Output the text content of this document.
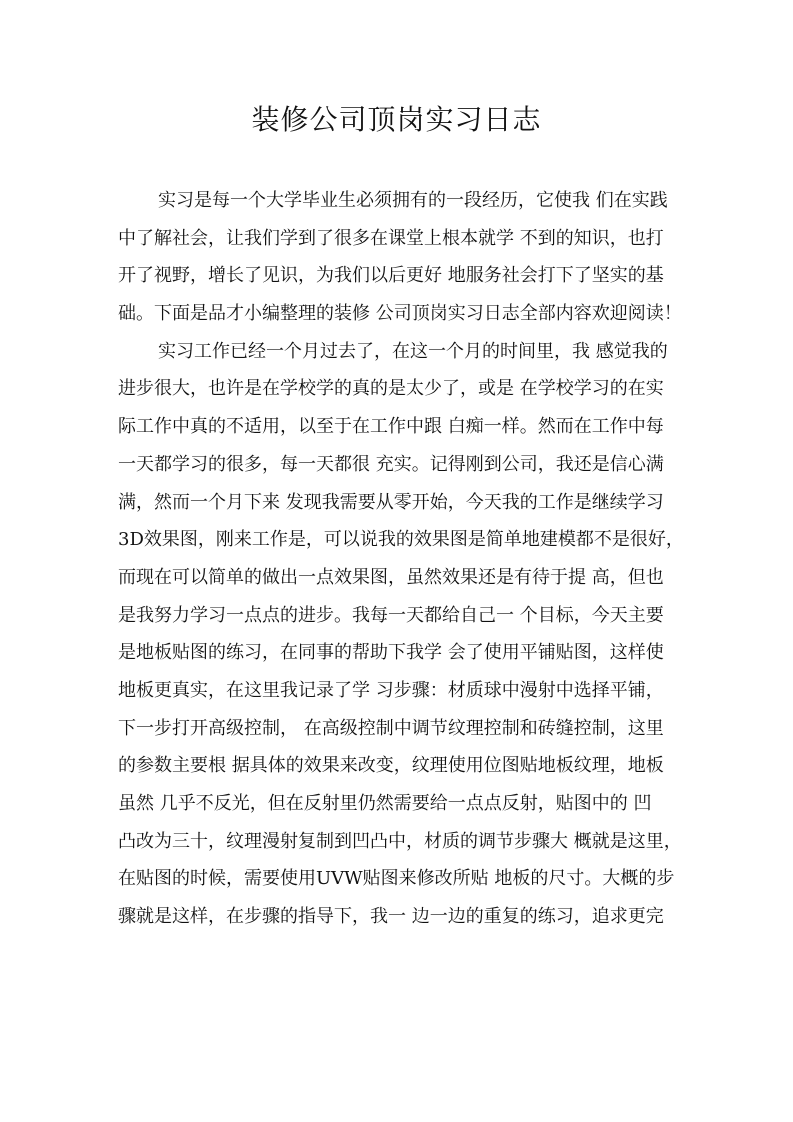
装修公司顶岗实习日志
实习是每一个大学毕业生必须拥有的一段经历，它使我 们在实践
中了解社会，让我们学到了很多在课堂上根本就学 不到的知识，也打
开了视野，增长了见识，为我们以后更好 地服务社会打下了坚实的基
础。下面是品才小编整理的装修 公司顶岗实习日志全部内容欢迎阅读！
实习工作已经一个月过去了，在这一个月的时间里，我 感觉我的
进步很大，也许是在学校学的真的是太少了，或是 在学校学习的在实
际工作中真的不适用，以至于在工作中跟 白痴一样。然而在工作中每
一天都学习的很多，每一天都很 充实。记得刚到公司，我还是信心满
满，然而一个月下来 发现我需要从零开始，今天我的工作是继续学习
3D效果图，刚来工作是，可以说我的效果图是简单地建模都不是很好，
而现在可以简单的做出一点效果图，虽然效果还是有待于提 高，但也
是我努力学习一点点的进步。我每一天都给自己一 个目标，今天主要
是地板贴图的练习，在同事的帮助下我学 会了使用平铺贴图，这样使
地板更真实，在这里我记录了学 习步骤：材质球中漫射中选择平铺，
下一步打开高级控制， 在高级控制中调节纹理控制和砖缝控制，这里
的参数主要根 据具体的效果来改变，纹理使用位图贴地板纹理，地板
虽然 几乎不反光，但在反射里仍然需要给一点点反射，贴图中的 凹
凸改为三十，纹理漫射复制到凹凸中，材质的调节步骤大 概就是这里，
在贴图的时候，需要使用UVW贴图来修改所贴 地板的尺寸。大概的步
骤就是这样，在步骤的指导下，我一 边一边的重复的练习，追求更完
